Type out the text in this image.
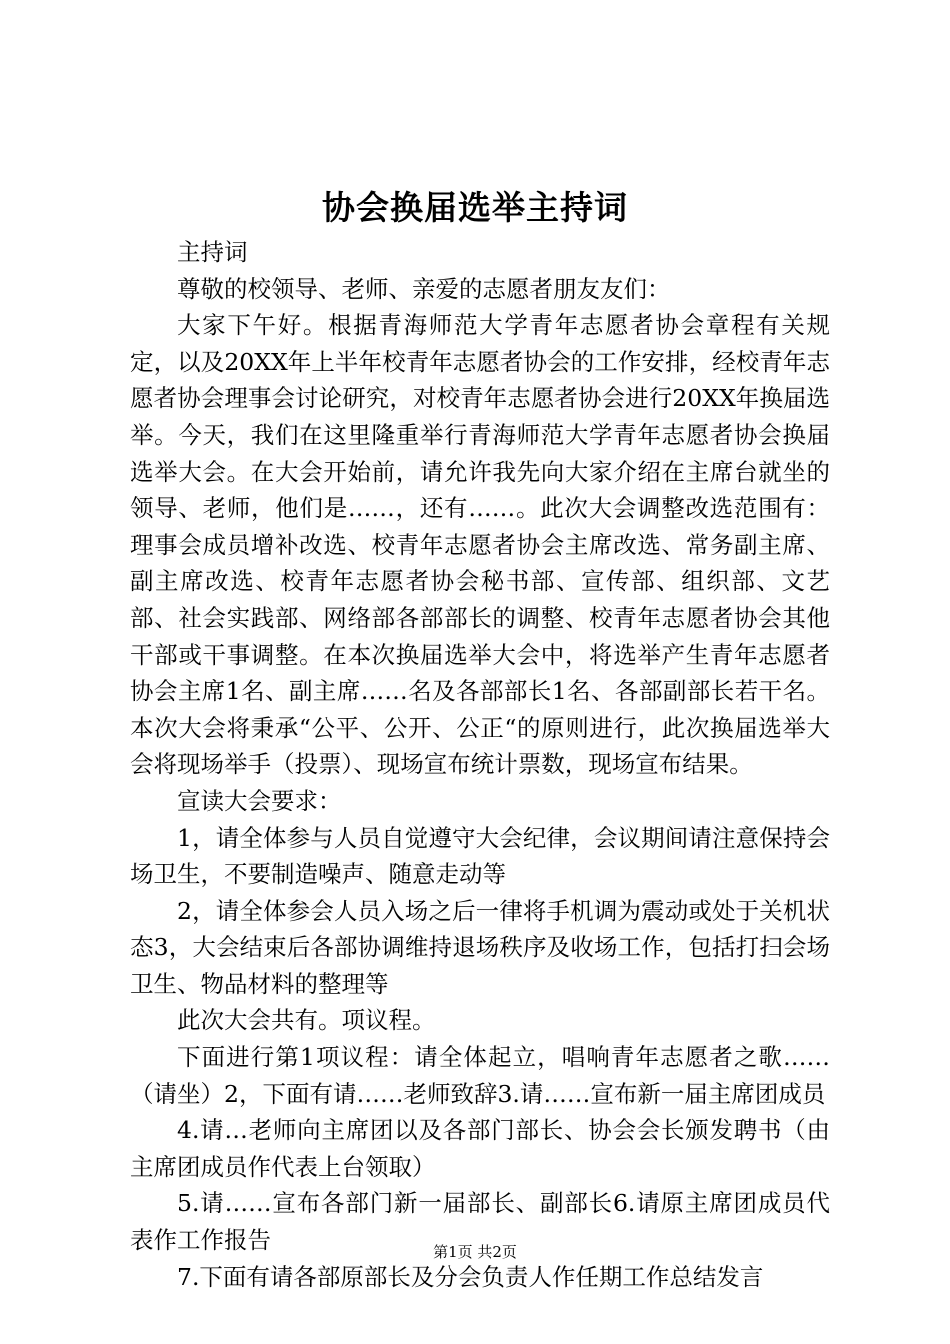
协会换届选举主持词

主持词

尊敬的校领导、老师、亲爱的志愿者朋友友们：

大家下午好。根据青海师范大学青年志愿者协会章程有关规定，以及20XX年上半年校青年志愿者协会的工作安排，经校青年志愿者协会理事会讨论研究，对校青年志愿者协会进行20XX年换届选举。今天，我们在这里隆重举行青海师范大学青年志愿者协会换届选举大会。在大会开始前，请允许我先向大家介绍在主席台就坐的领导、老师，他们是……，还有……。此次大会调整改选范围有：理事会成员增补改选、校青年志愿者协会主席改选、常务副主席、副主席改选、校青年志愿者协会秘书部、宣传部、组织部、文艺部、社会实践部、网络部各部部长的调整、校青年志愿者协会其他干部或干事调整。在本次换届选举大会中，将选举产生青年志愿者协会主席1名、副主席……名及各部部长1名、各部副部长若干名。本次大会将秉承“公平、公开、公正“的原则进行，此次换届选举大会将现场举手（投票）、现场宣布统计票数，现场宣布结果。

宣读大会要求：

1，请全体参与人员自觉遵守大会纪律，会议期间请注意保持会场卫生，不要制造噪声、随意走动等

2，请全体参会人员入场之后一律将手机调为震动或处于关机状态3，大会结束后各部协调维持退场秩序及收场工作，包括打扫会场卫生、物品材料的整理等

此次大会共有。项议程。

下面进行第1项议程：请全体起立，唱响青年志愿者之歌……（请坐）2，下面有请……老师致辞3.请……宣布新一届主席团成员

4.请…老师向主席团以及各部门部长、协会会长颁发聘书（由主席团成员作代表上台领取）

5.请……宣布各部门新一届部长、副部长6.请原主席团成员代表作工作报告

7.下面有请各部原部长及分会负责人作任期工作总结发言

第1页 共2页
